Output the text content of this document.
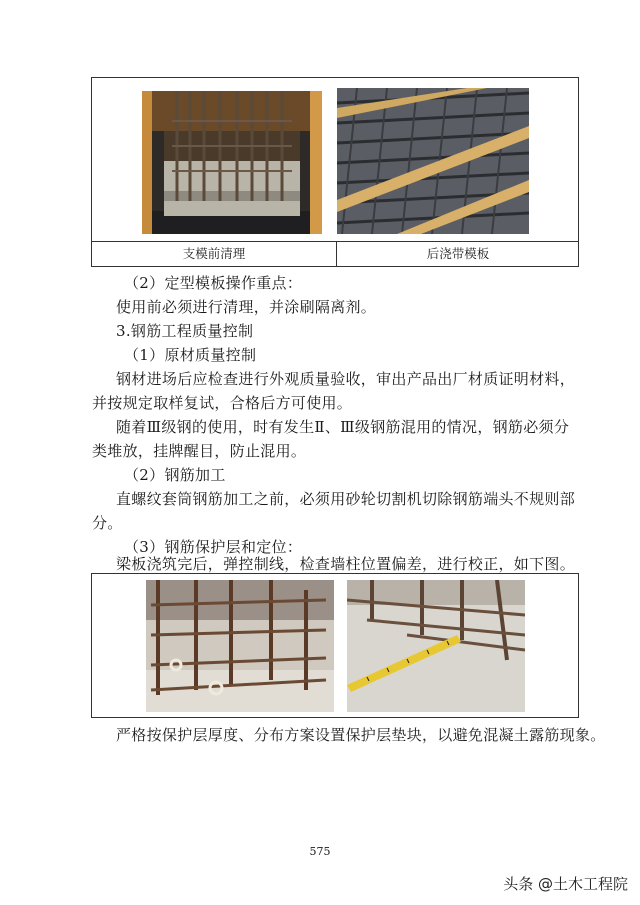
支模前清理	后浇带模板
（2）定型模板操作重点：
使用前必须进行清理，并涂刷隔离剂。
3.钢筋工程质量控制
（1）原材质量控制
钢材进场后应检查进行外观质量验收，审出产品出厂材质证明材料，
并按规定取样复试，合格后方可使用。
随着Ⅲ级钢的使用，时有发生Ⅱ、Ⅲ级钢筋混用的情况，钢筋必须分
类堆放，挂牌醒目，防止混用。
（2）钢筋加工
直螺纹套筒钢筋加工之前，必须用砂轮切割机切除钢筋端头不规则部
分。
（3）钢筋保护层和定位：
梁板浇筑完后，弹控制线，检查墙柱位置偏差，进行校正，如下图。
严格按保护层厚度、分布方案设置保护层垫块，以避免混凝土露筋现象。
575
头条 @土木工程院
